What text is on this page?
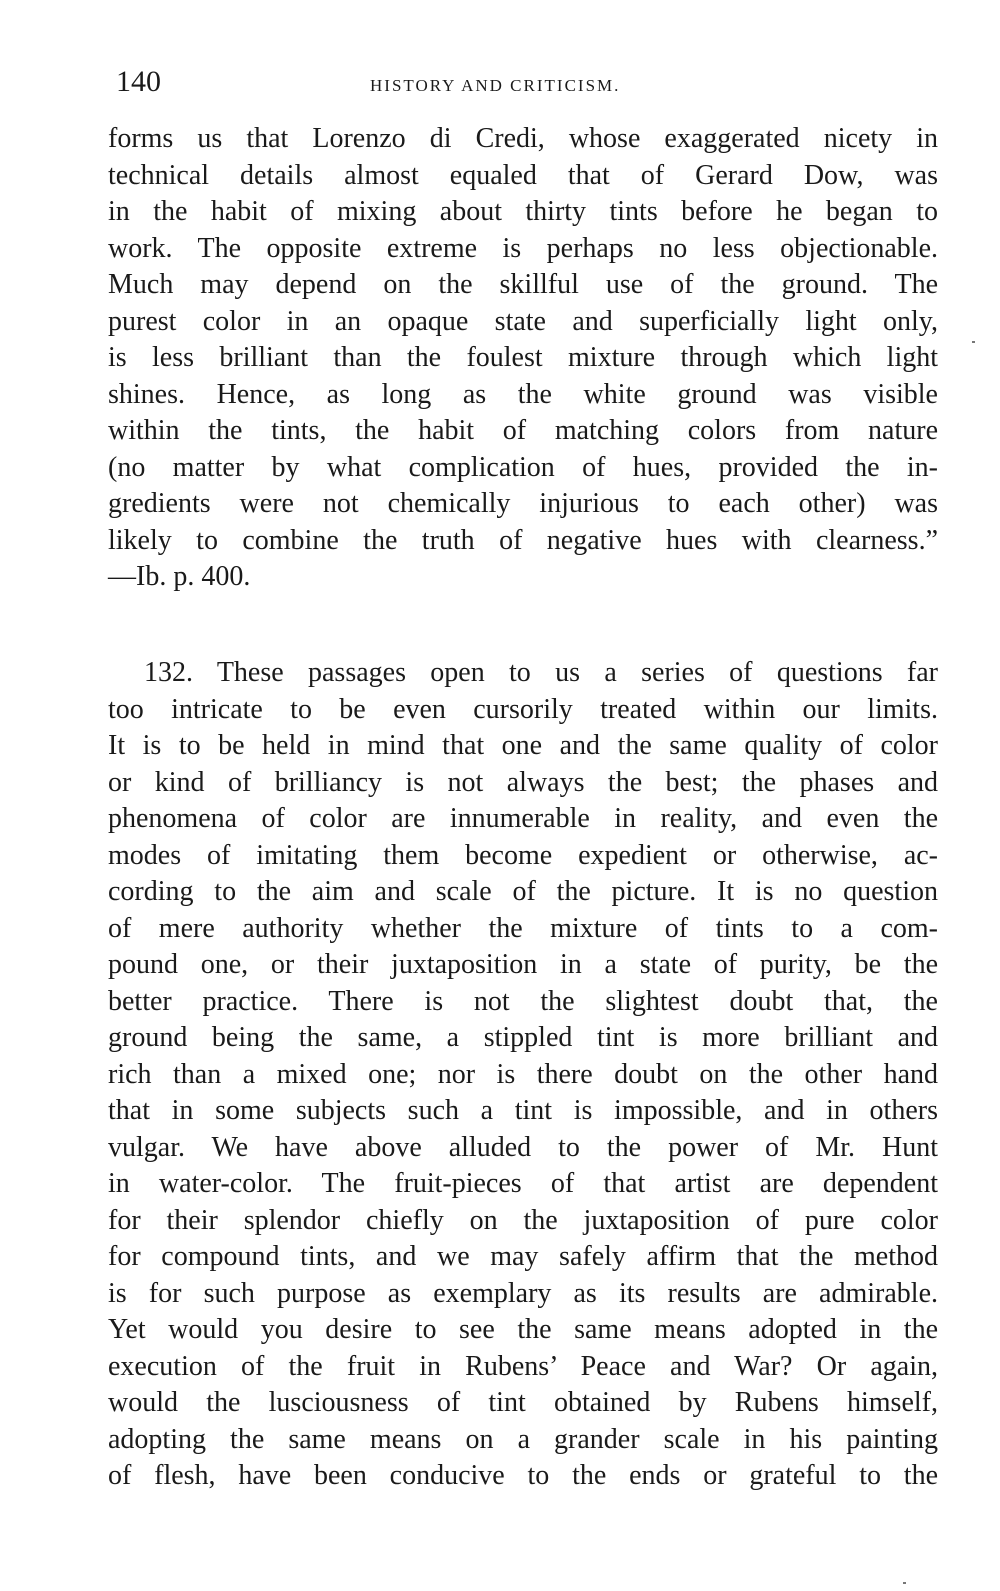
140	HISTORY AND CRITICISM.
forms us that Lorenzo di Credi, whose exaggerated nicety in
technical details almost equaled that of Gerard Dow, was
in the habit of mixing about thirty tints before he began to
work. The opposite extreme is perhaps no less objectionable.
Much may depend on the skillful use of the ground. The
purest color in an opaque state and superficially light only,
is less brilliant than the foulest mixture through which light
shines. Hence, as long as the white ground was visible
within the tints, the habit of matching colors from nature
(no matter by what complication of hues, provided the in-
gredients were not chemically injurious to each other) was
likely to combine the truth of negative hues with clearness.”
—Ib. p. 400.
132. These passages open to us a series of questions far
too intricate to be even cursorily treated within our limits.
It is to be held in mind that one and the same quality of color
or kind of brilliancy is not always the best; the phases and
phenomena of color are innumerable in reality, and even the
modes of imitating them become expedient or otherwise, ac-
cording to the aim and scale of the picture. It is no question
of mere authority whether the mixture of tints to a com-
pound one, or their juxtaposition in a state of purity, be the
better practice. There is not the slightest doubt that, the
ground being the same, a stippled tint is more brilliant and
rich than a mixed one; nor is there doubt on the other hand
that in some subjects such a tint is impossible, and in others
vulgar. We have above alluded to the power of Mr. Hunt
in water-color. The fruit-pieces of that artist are dependent
for their splendor chiefly on the juxtaposition of pure color
for compound tints, and we may safely affirm that the method
is for such purpose as exemplary as its results are admirable.
Yet would you desire to see the same means adopted in the
execution of the fruit in Rubens’ Peace and War? Or again,
would the lusciousness of tint obtained by Rubens himself,
adopting the same means on a grander scale in his painting
of flesh, have been conducive to the ends or grateful to the
